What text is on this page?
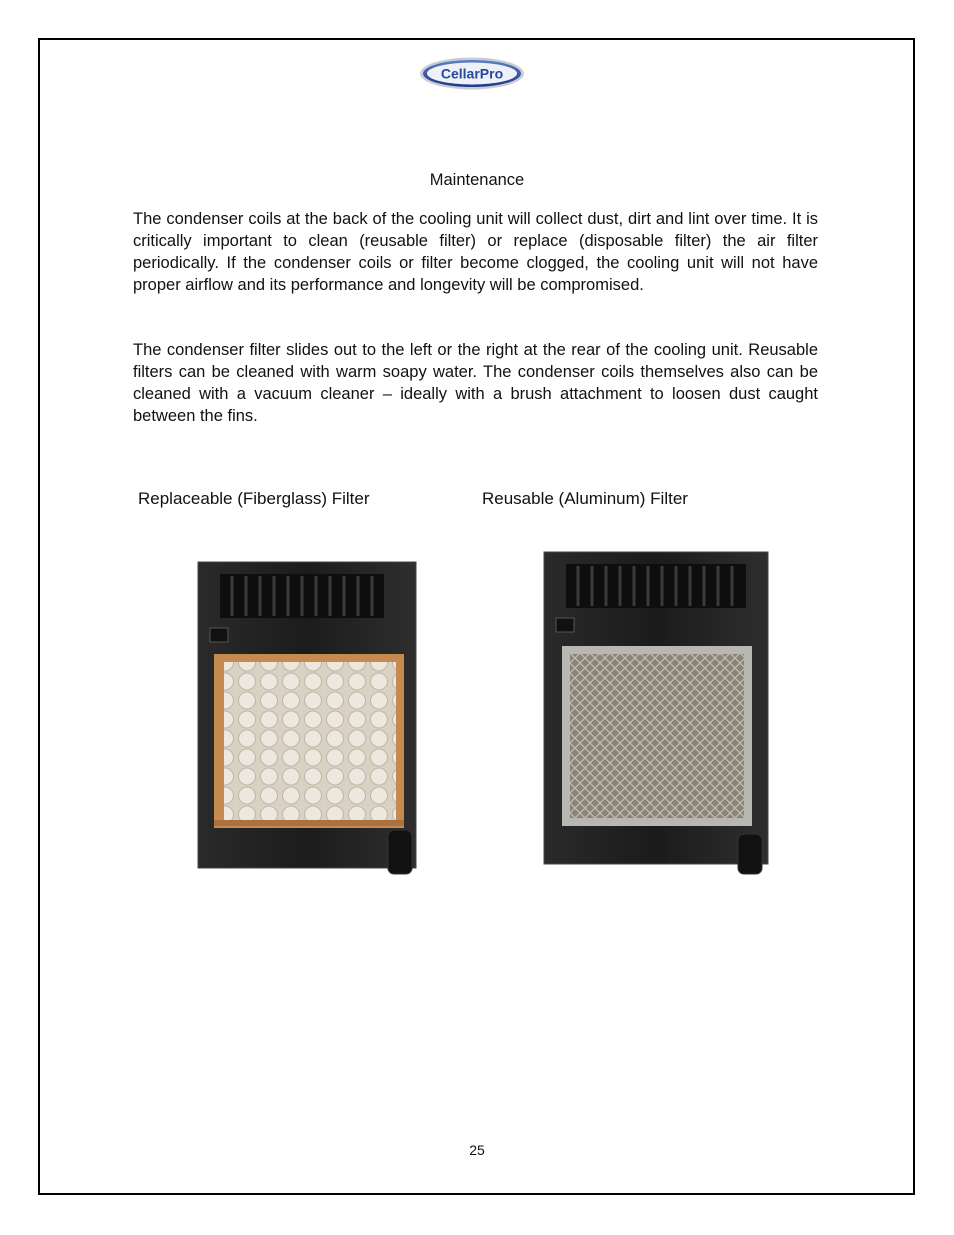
CellarPro
Maintenance
The condenser coils at the back of the cooling unit will collect dust, dirt and lint over time. It is critically important to clean (reusable filter) or replace (disposable filter) the air filter periodically. If the condenser coils or filter become clogged, the cooling unit will not have proper airflow and its performance and longevity will be compromised.
The condenser filter slides out to the left or the right at the rear of the cooling unit. Reusable filters can be cleaned with warm soapy water. The condenser coils themselves also can be cleaned with a vacuum cleaner – ideally with a brush attachment to loosen dust caught between the fins.
Replaceable (Fiberglass) Filter	Reusable (Aluminum) Filter
25
